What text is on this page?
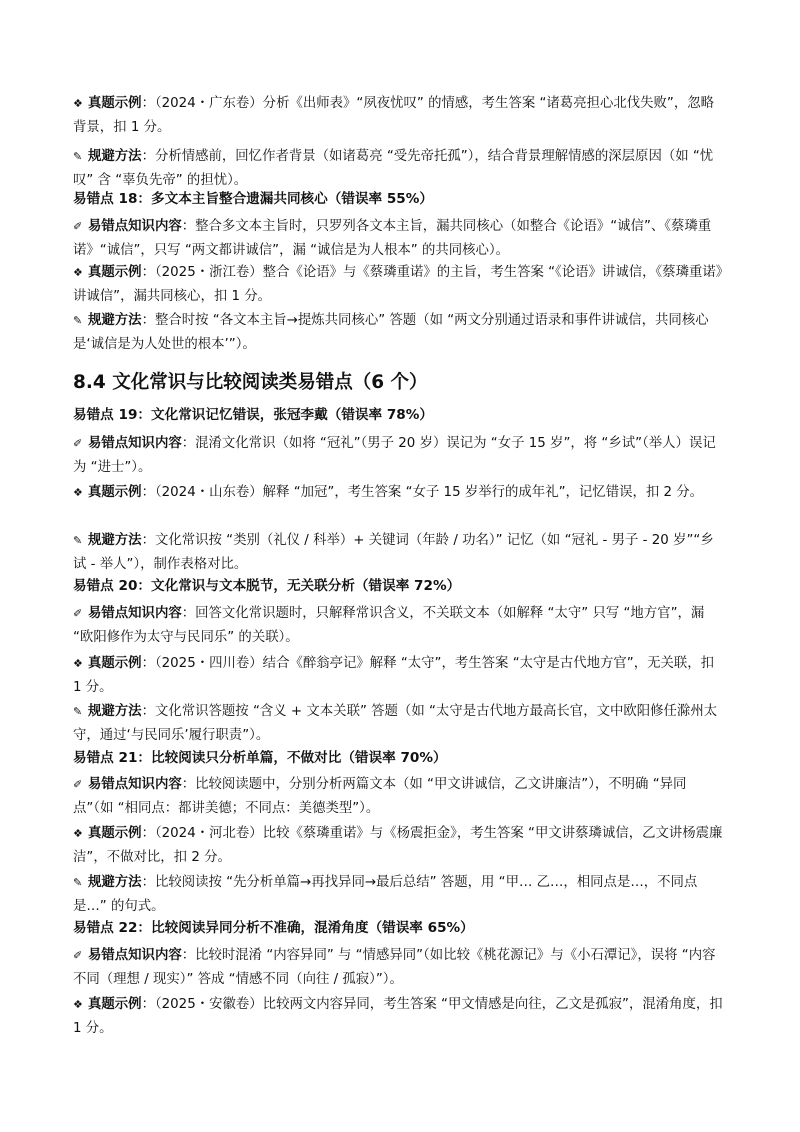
❖ 真题示例：（2024・广东卷）分析《出师表》“夙夜忧叹” 的情感，考生答案 “诸葛亮担心北伐失败”，忽略背景，扣 1 分。

✎ 规避方法：分析情感前，回忆作者背景（如诸葛亮 “受先帝托孤”），结合背景理解情感的深层原因（如 “忧叹” 含 “辜负先帝” 的担忧）。

易错点 18：多文本主旨整合遗漏共同核心（错误率 55%）

✐ 易错点知识内容：整合多文本主旨时，只罗列各文本主旨，漏共同核心（如整合《论语》“诚信”、《蔡璘重诺》“诚信”，只写 “两文都讲诚信”，漏 “诚信是为人根本” 的共同核心）。

❖ 真题示例：（2025・浙江卷）整合《论语》与《蔡璘重诺》的主旨，考生答案 “《论语》讲诚信，《蔡璘重诺》讲诚信”，漏共同核心，扣 1 分。

✎ 规避方法：整合时按 “各文本主旨→提炼共同核心” 答题（如 “两文分别通过语录和事件讲诚信，共同核心是‘诚信是为人处世的根本’”）。

8.4 文化常识与比较阅读类易错点（6 个）
易错点 19：文化常识记忆错误，张冠李戴（错误率 78%）

✐ 易错点知识内容：混淆文化常识（如将 “冠礼”（男子 20 岁）误记为 “女子 15 岁”，将 “乡试”（举人）误记为 “进士”）。

❖ 真题示例：（2024・山东卷）解释 “加冠”，考生答案 “女子 15 岁举行的成年礼”，记忆错误，扣 2 分。

✎ 规避方法：文化常识按 “类别（礼仪 / 科举）+ 关键词（年龄 / 功名）” 记忆（如 “冠礼 - 男子 - 20 岁”“乡试 - 举人”），制作表格对比。

易错点 20：文化常识与文本脱节，无关联分析（错误率 72%）

✐ 易错点知识内容：回答文化常识题时，只解释常识含义，不关联文本（如解释 “太守” 只写 “地方官”，漏 “欧阳修作为太守与民同乐” 的关联）。

❖ 真题示例：（2025・四川卷）结合《醉翁亭记》解释 “太守”，考生答案 “太守是古代地方官”，无关联，扣 1 分。

✎ 规避方法：文化常识答题按 “含义 + 文本关联” 答题（如 “太守是古代地方最高长官，文中欧阳修任滁州太守，通过‘与民同乐’履行职责”）。

易错点 21：比较阅读只分析单篇，不做对比（错误率 70%）

✐ 易错点知识内容：比较阅读题中，分别分析两篇文本（如 “甲文讲诚信，乙文讲廉洁”），不明确 “异同点”（如 “相同点：都讲美德；不同点：美德类型”）。

❖ 真题示例：（2024・河北卷）比较《蔡璘重诺》与《杨震拒金》，考生答案 “甲文讲蔡璘诚信，乙文讲杨震廉洁”，不做对比，扣 2 分。

✎ 规避方法：比较阅读按 “先分析单篇→再找异同→最后总结” 答题，用 “甲… 乙…，相同点是…，不同点是…” 的句式。

易错点 22：比较阅读异同分析不准确，混淆角度（错误率 65%）

✐ 易错点知识内容：比较时混淆 “内容异同” 与 “情感异同”（如比较《桃花源记》与《小石潭记》，误将 “内容不同（理想 / 现实）” 答成 “情感不同（向往 / 孤寂）”）。

❖ 真题示例：（2025・安徽卷）比较两文内容异同，考生答案 “甲文情感是向往，乙文是孤寂”，混淆角度，扣 1 分。
